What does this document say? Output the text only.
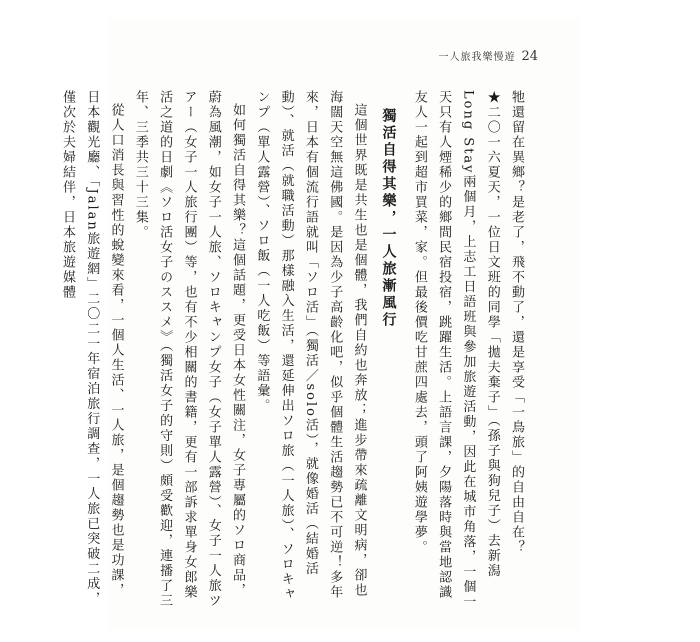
一人旅我樂慢遊 24

牠還留在異鄉？是老了，飛不動了，還是享受「一鳥旅」的自由自在？

★二〇一六夏天，一位日文班的同學「拋夫棄子」（孫子與狗兒子）去新潟Long Stay兩個月，上志工日語班與參加旅遊活動，因此在城市角落，一個一天只有人煙稀少的鄉間民宿投宿，跳躍生活。上語言課，夕陽落時與當地認識友人一起到超市買菜，家。但最後價吃甘蔗四處去，頭了阿姨遊學夢。

獨活自得其樂，一人旅漸風行

這個世界既是共生也是個體，我們自約也奔放；進步帶來疏離文明病，卻也海闊天空無這佛國。是因為少子高齡化吧，似乎個體生活趨勢已不可逆！多年來，日本有個流行語就叫「ソロ活」（獨活／solo活），就像婚活（結婚活動）、就活（就職活動）那樣融入生活，還延伸出ソロ旅（一人旅）、ソロキャンプ（單人露營）、ソロ飯（一人吃飯）等語彙。

如何獨活自得其樂？這個話題，更受日本女性關注，女子專屬的ソロ商品，蔚為風潮，如女子一人旅、ソロキャンプ女子（女子單人露營）、女子一人旅ツアー（女子一人旅行團）等，也有不少相關的書籍，更有一部訴求單身女郎樂活之道的日劇《ソロ活女子のススメ》（獨活女子的守則）頗受歡迎，連播了三年、三季共三十三集。

從人口消長與習性的蛻變來看，一個人生活、一人旅，是個趨勢也是功課，日本觀光廳、「Jalan旅遊網」二〇二一年宿泊旅行調查，一人旅已突破二成，僅次於夫婦結伴，日本旅遊媒體
